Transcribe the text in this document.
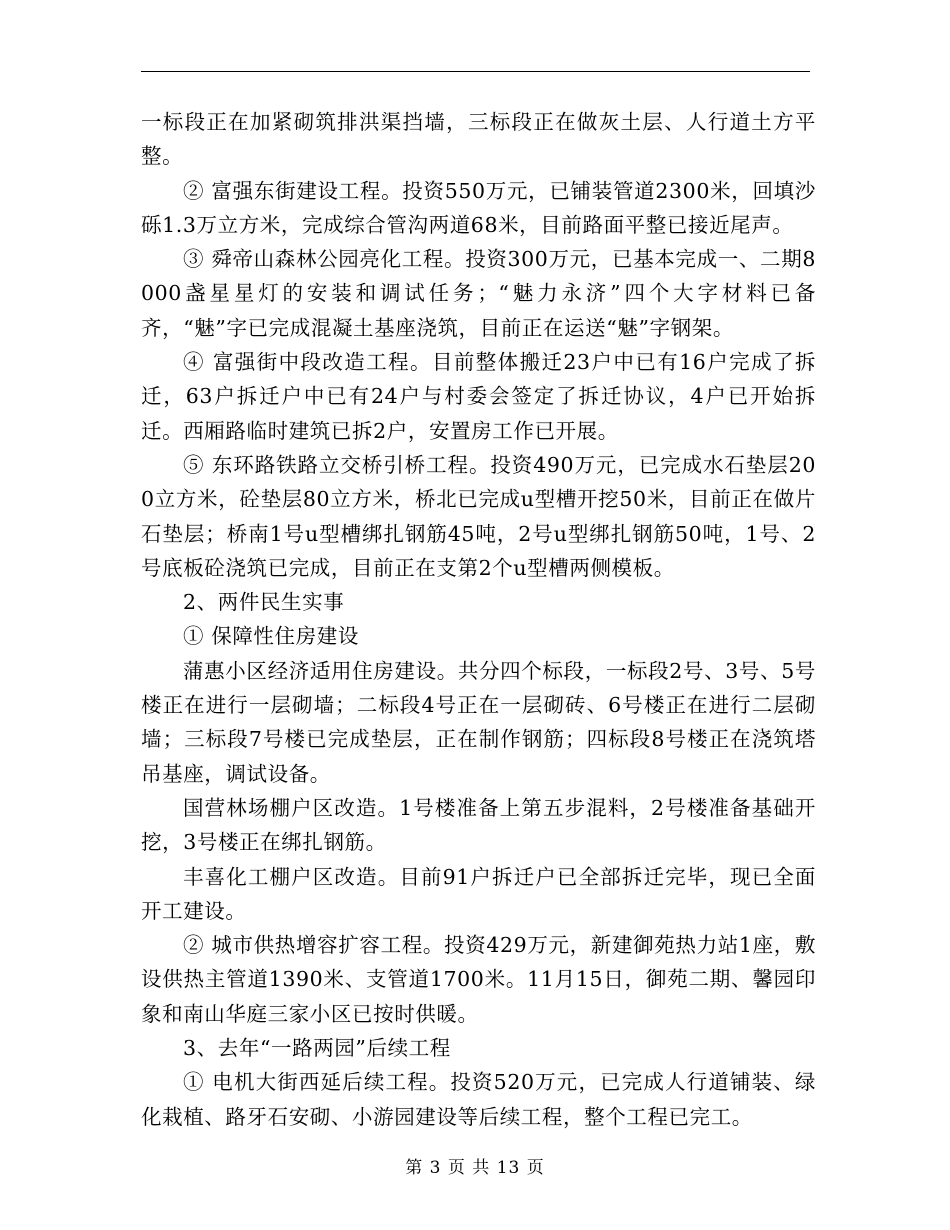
一标段正在加紧砌筑排洪渠挡墙，三标段正在做灰土层、人行道土方平整。

② 富强东街建设工程。投资550万元，已铺装管道2300米，回填沙砾1.3万立方米，完成综合管沟两道68米，目前路面平整已接近尾声。

③ 舜帝山森林公园亮化工程。投资300万元，已基本完成一、二期8000盏星星灯的安装和调试任务；“魅力永济”四个大字材料已备齐，“魅”字已完成混凝土基座浇筑，目前正在运送“魅”字钢架。

④ 富强街中段改造工程。目前整体搬迁23户中已有16户完成了拆迁，63户拆迁户中已有24户与村委会签定了拆迁协议，4户已开始拆迁。西厢路临时建筑已拆2户，安置房工作已开展。

⑤ 东环路铁路立交桥引桥工程。投资490万元，已完成水石垫层200立方米，砼垫层80立方米，桥北已完成u型槽开挖50米，目前正在做片石垫层；桥南1号u型槽绑扎钢筋45吨，2号u型绑扎钢筋50吨，1号、2号底板砼浇筑已完成，目前正在支第2个u型槽两侧模板。

2、两件民生实事

① 保障性住房建设

蒲惠小区经济适用住房建设。共分四个标段，一标段2号、3号、5号楼正在进行一层砌墙；二标段4号正在一层砌砖、6号楼正在进行二层砌墙；三标段7号楼已完成垫层，正在制作钢筋；四标段8号楼正在浇筑塔吊基座，调试设备。

国营林场棚户区改造。1号楼准备上第五步混料，2号楼准备基础开挖，3号楼正在绑扎钢筋。

丰喜化工棚户区改造。目前91户拆迁户已全部拆迁完毕，现已全面开工建设。

② 城市供热增容扩容工程。投资429万元，新建御苑热力站1座，敷设供热主管道1390米、支管道1700米。11月15日，御苑二期、馨园印象和南山华庭三家小区已按时供暖。

3、去年“一路两园”后续工程

① 电机大街西延后续工程。投资520万元，已完成人行道铺装、绿化栽植、路牙石安砌、小游园建设等后续工程，整个工程已完工。

第 3 页 共 13 页
